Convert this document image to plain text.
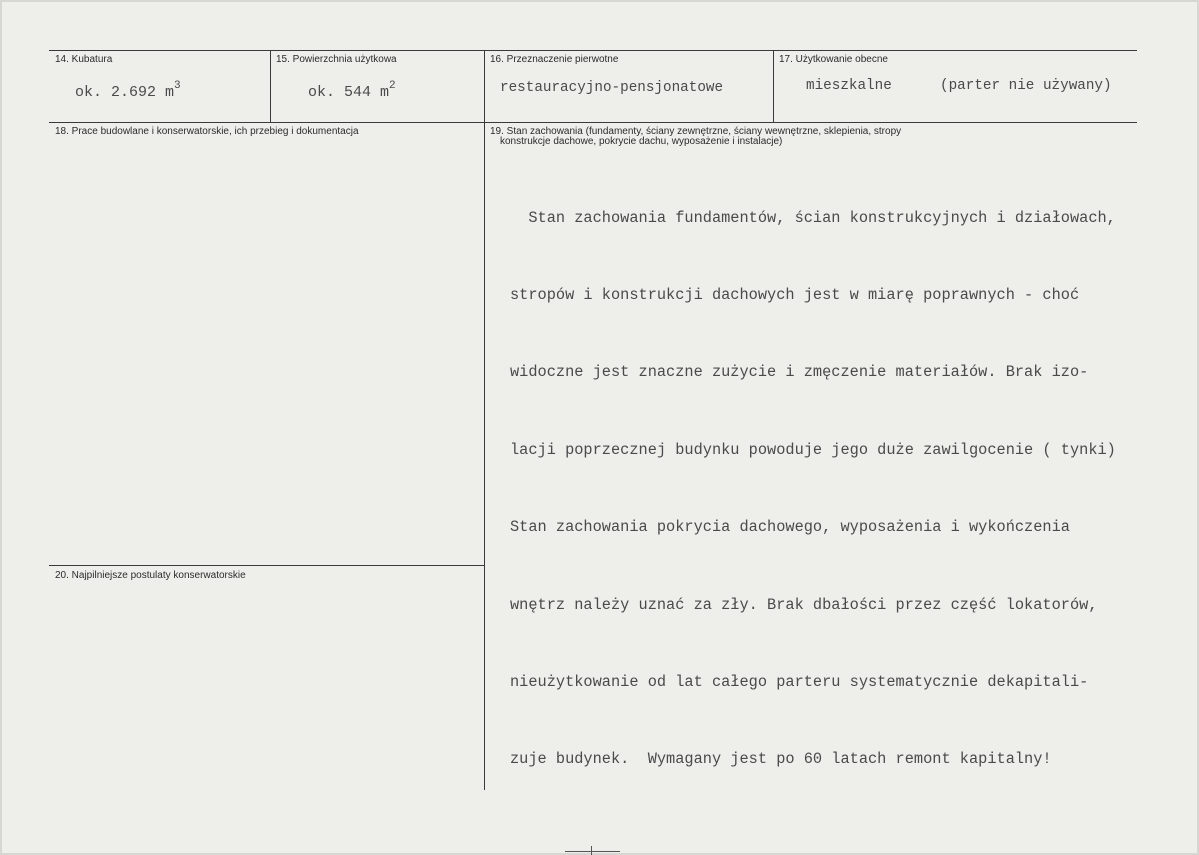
14. Kubatura
ok. 2.692 $m^3$
15. Powierzchnia użytkowa
ok. 544 $m^2$
16. Przeznaczenie pierwotne
restauracyjno-pensjonatowe
17. Użytkowanie obecne
mieszkalne	(parter nie używany)
18. Prace budowlane i konserwatorskie, ich przebieg i dokumentacja	19. Stan zachowania (fundamenty, ściany zewnętrzne, ściany wewnętrzne, sklepienia, stropy
konstrukcje dachowe, pokrycie dachu, wyposażenie i instalacje)

Stan zachowania fundamentów, ścian konstrukcyjnych i działowach,

stropów i konstrukcji dachowych jest w miarę poprawnych - choć

widoczne jest znaczne zużycie i zmęczenie materiałów. Brak izo-

lacji poprzecznej budynku powoduje jego duże zawilgocenie ( tynki)

Stan zachowania pokrycia dachowego, wyposażenia i wykończenia

wnętrz należy uznać za zły. Brak dbałości przez część lokatorów,

nieużytkowanie od lat całego parteru systematycznie dekapitali-

zuje budynek.  Wymagany jest po 60 latach remont kapitalny!

20. Najpilniejsze postulaty konserwatorskie
